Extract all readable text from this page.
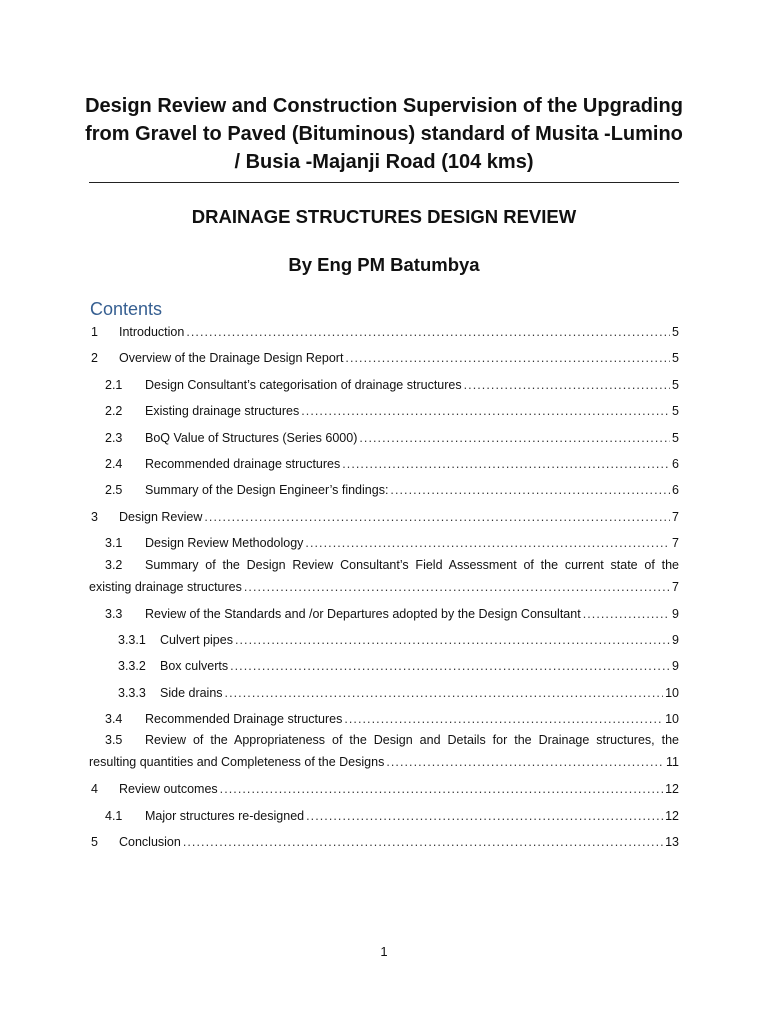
Design Review and Construction Supervision of the Upgrading from Gravel to Paved (Bituminous) standard of Musita -Lumino / Busia -Majanji Road (104 kms)
DRAINAGE STRUCTURES DESIGN REVIEW
By Eng PM Batumbya
Contents
1	Introduction . . .	5
2	Overview of the Drainage Design Report . . .	5
2.1	Design Consultant’s categorisation of drainage structures . . .	5
2.2	Existing drainage structures . . .	5
2.3	BoQ Value of Structures (Series 6000) . . .	5
2.4	Recommended drainage structures . . .	6
2.5	Summary of the Design Engineer’s findings: . . .	6
3	Design Review . . .	7
3.1	Design Review Methodology . . .	7
3.2	Summary of the Design Review Consultant’s Field Assessment of the current state of the
existing drainage structures . . .	7
3.3	Review of the Standards and /or Departures adopted by the Design Consultant . . .	9
3.3.1	Culvert pipes . . .	9
3.3.2	Box culverts . . .	9
3.3.3	Side drains . . .	10
3.4	Recommended Drainage structures . . .	10
3.5	Review of the Appropriateness of the Design and Details for the Drainage structures, the
resulting quantities and Completeness of the Designs . . .	11
4	Review outcomes . . .	12
4.1	Major structures re-designed . . .	12
5	Conclusion . . .	13
1
